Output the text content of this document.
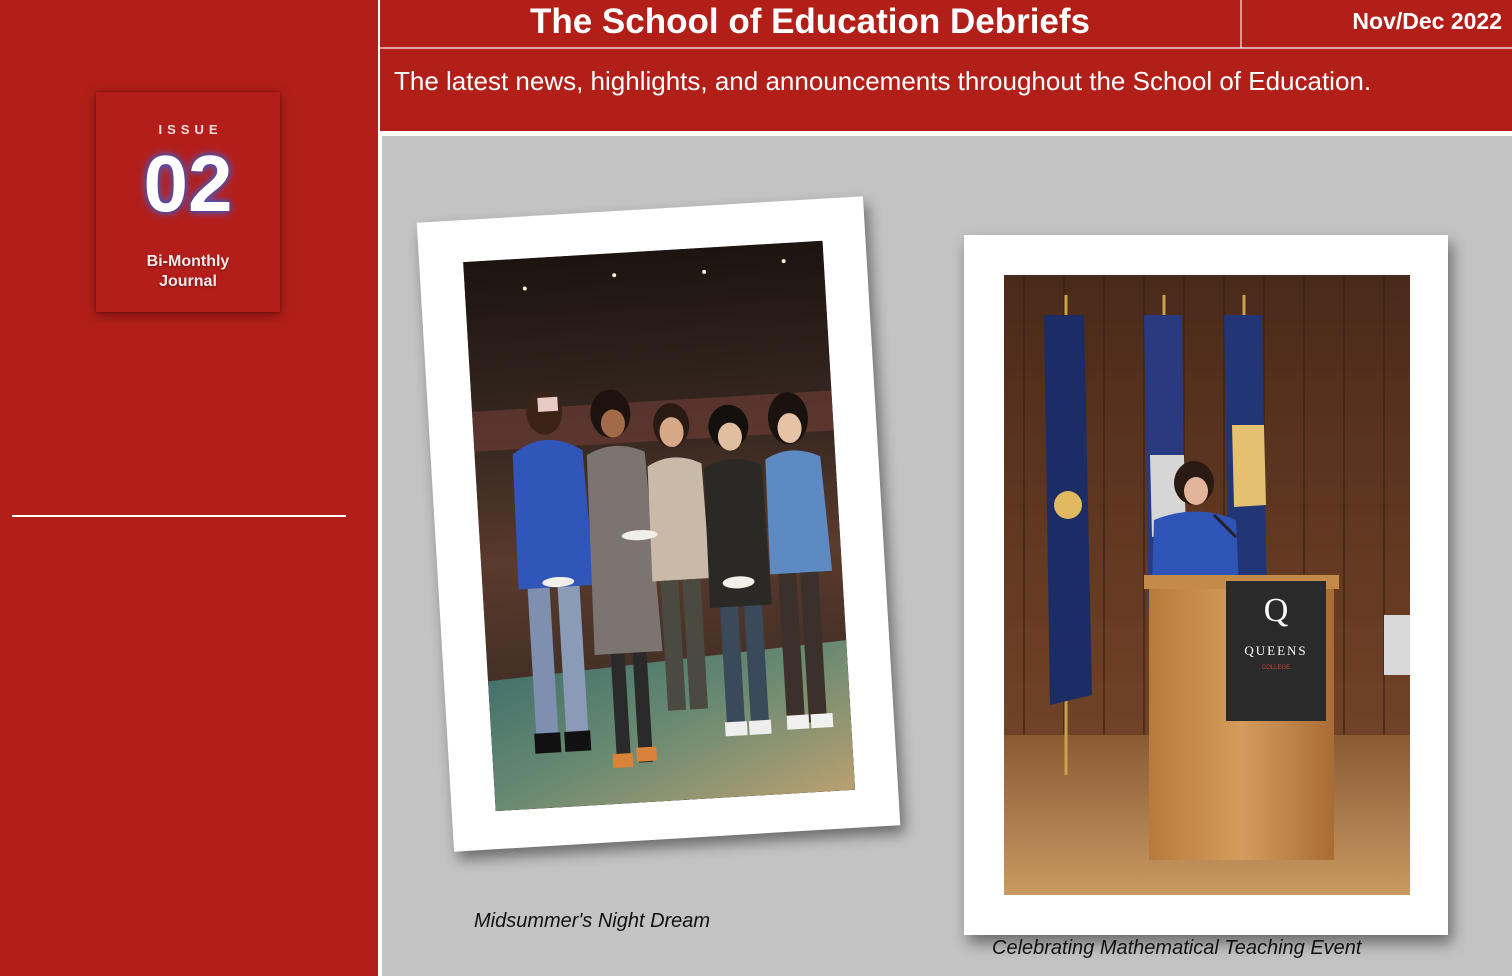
ISSUE
02
Bi-Monthly
Journal
The School of Education Debriefs	Nov/Dec 2022
The latest news, highlights, and announcements throughout the School of Education.
Q
QUEENS
COLLEGE
Midsummer's Night Dream
Celebrating Mathematical Teaching Event
